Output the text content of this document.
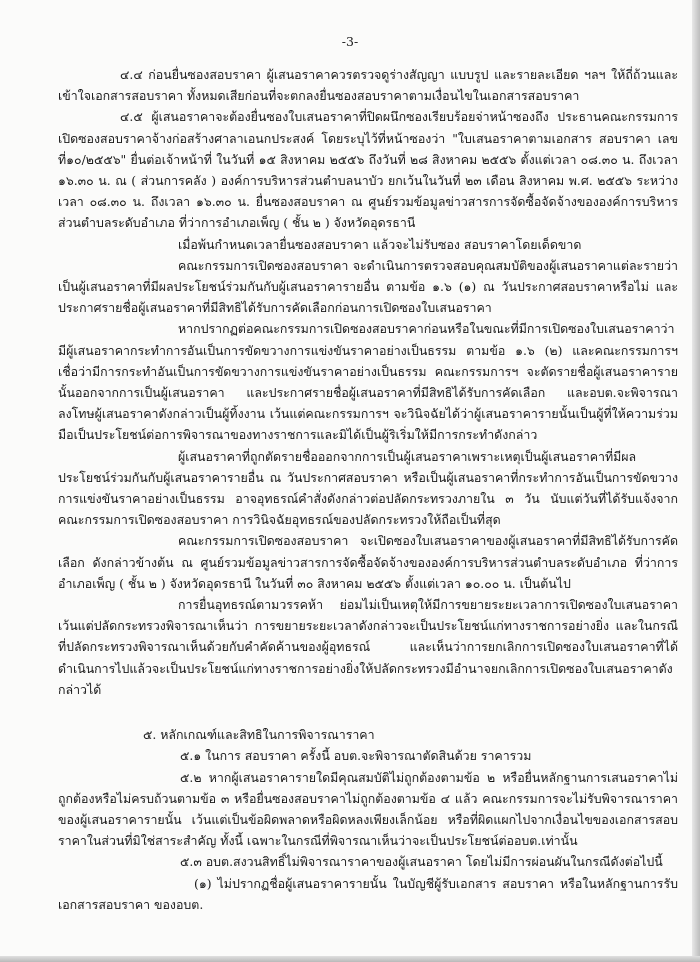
-3-

๔.๔ ก่อนยื่นซองสอบราคา ผู้เสนอราคาควรตรวจดูร่างสัญญา แบบรูป และรายละเอียด ฯลฯ ให้ถี่ถ้วนและ เข้าใจเอกสารสอบราคา ทั้งหมดเสียก่อนที่จะตกลงยื่นซองสอบราคาตามเงื่อนไขในเอกสารสอบราคา

๔.๕ ผู้เสนอราคาจะต้องยื่นซองใบเสนอราคาที่ปิดผนึกซองเรียบร้อยจ่าหน้าซองถึง ประธานคณะกรรมการเปิดซองสอบราคาจ้างก่อสร้างศาลาเอนกประสงค์ โดยระบุไว้ที่หน้าซองว่า "ใบเสนอราคาตามเอกสาร สอบราคา เลขที่๑๐/๒๕๕๖" ยื่นต่อเจ้าหน้าที่ ในวันที่ ๑๕ สิงหาคม ๒๕๕๖ ถึงวันที่ ๒๘ สิงหาคม ๒๕๕๖ ตั้งแต่เวลา ๐๘.๓๐ น. ถึงเวลา ๑๖.๓๐ น. ณ ( ส่วนการคลัง ) องค์การบริหารส่วนตำบลนาบัว ยกเว้นในวันที่ ๒๓ เดือน สิงหาคม พ.ศ. ๒๕๕๖ ระหว่างเวลา ๐๘.๓๐ น. ถึงเวลา ๑๖.๓๐ น. ยื่นซองสอบราคา ณ ศูนย์รวมข้อมูลข่าวสารการจัดซื้อจัดจ้างขององค์การบริหารส่วนตำบลระดับอำเภอ ที่ว่าการอำเภอเพ็ญ ( ชั้น ๒ ) จังหวัดอุดรธานี

เมื่อพ้นกำหนดเวลายื่นซองสอบราคา แล้วจะไม่รับซอง สอบราคาโดยเด็ดขาด

คณะกรรมการเปิดซองสอบราคา จะดำเนินการตรวจสอบคุณสมบัติของผู้เสนอราคาแต่ละรายว่า เป็นผู้เสนอราคาที่มีผลประโยชน์ร่วมกันกับผู้เสนอราคารายอื่น ตามข้อ ๑.๖ (๑) ณ วันประกาศสอบราคาหรือไม่ และประกาศรายชื่อผู้เสนอราคาที่มีสิทธิได้รับการคัดเลือกก่อนการเปิดซองใบเสนอราคา

หากปรากฏต่อคณะกรรมการเปิดซองสอบราคาก่อนหรือในขณะที่มีการเปิดซองใบเสนอราคาว่า มีผู้เสนอราคากระทำการอันเป็นการขัดขวางการแข่งขันราคาอย่างเป็นธรรม ตามข้อ ๑.๖ (๒) และคณะกรรมการฯ เชื่อว่ามีการกระทำอันเป็นการขัดขวางการแข่งขันราคาอย่างเป็นธรรม คณะกรรมการฯ จะตัดรายชื่อผู้เสนอราคารายนั้นออกจากการเป็นผู้เสนอราคา และประกาศรายชื่อผู้เสนอราคาที่มีสิทธิได้รับการคัดเลือก และอบต.จะพิจารณาลงโทษผู้เสนอราคาดังกล่าวเป็นผู้ทิ้งงาน เว้นแต่คณะกรรมการฯ จะวินิจฉัยได้ว่าผู้เสนอราคารายนั้นเป็นผู้ที่ให้ความร่วมมือเป็นประโยชน์ต่อการพิจารณาของทางราชการและมิได้เป็นผู้ริเริ่มให้มีการกระทำดังกล่าว

ผู้เสนอราคาที่ถูกตัดรายชื่อออกจากการเป็นผู้เสนอราคาเพราะเหตุเป็นผู้เสนอราคาที่มีผลประโยชน์ร่วมกันกับผู้เสนอราคารายอื่น ณ วันประกาศสอบราคา หรือเป็นผู้เสนอราคาที่กระทำการอันเป็นการขัดขวางการแข่งขันราคาอย่างเป็นธรรม อาจอุทธรณ์คำสั่งดังกล่าวต่อปลัดกระทรวงภายใน ๓ วัน นับแต่วันที่ได้รับแจ้งจากคณะกรรมการเปิดซองสอบราคา การวินิจฉัยอุทธรณ์ของปลัดกระทรวงให้ถือเป็นที่สุด

คณะกรรมการเปิดซองสอบราคา จะเปิดซองใบเสนอราคาของผู้เสนอราคาที่มีสิทธิได้รับการคัดเลือก ดังกล่าวข้างต้น ณ ศูนย์รวมข้อมูลข่าวสารการจัดซื้อจัดจ้างขององค์การบริหารส่วนตำบลระดับอำเภอ ที่ว่าการอำเภอเพ็ญ ( ชั้น ๒ ) จังหวัดอุดรธานี ในวันที่ ๓๐ สิงหาคม ๒๕๕๖ ตั้งแต่เวลา ๑๐.๐๐ น. เป็นต้นไป

การยื่นอุทธรณ์ตามวรรคห้า ย่อมไม่เป็นเหตุให้มีการขยายระยะเวลาการเปิดซองใบเสนอราคา เว้นแต่ปลัดกระทรวงพิจารณาเห็นว่า การขยายระยะเวลาดังกล่าวจะเป็นประโยชน์แก่ทางราชการอย่างยิ่ง และในกรณีที่ปลัดกระทรวงพิจารณาเห็นด้วยกับคำคัดค้านของผู้อุทธรณ์ และเห็นว่าการยกเลิกการเปิดซองใบเสนอราคาที่ได้ดำเนินการไปแล้วจะเป็นประโยชน์แก่ทางราชการอย่างยิ่งให้ปลัดกระทรวงมีอำนาจยกเลิกการเปิดซองใบเสนอราคาดังกล่าวได้

๕. หลักเกณฑ์และสิทธิในการพิจารณาราคา

๕.๑ ในการ สอบราคา ครั้งนี้ อบต.จะพิจารณาตัดสินด้วย ราคารวม

๕.๒ หากผู้เสนอราคารายใดมีคุณสมบัติไม่ถูกต้องตามข้อ ๒ หรือยื่นหลักฐานการเสนอราคาไม่ถูกต้องหรือไม่ครบถ้วนตามข้อ ๓ หรือยื่นซองสอบราคาไม่ถูกต้องตามข้อ ๔ แล้ว คณะกรรมการจะไม่รับพิจารณาราคาของผู้เสนอราคารายนั้น เว้นแต่เป็นข้อผิดพลาดหรือผิดหลงเพียงเล็กน้อย หรือที่ผิดแผกไปจากเงื่อนไขของเอกสารสอบราคาในส่วนที่มิใช่สาระสำคัญ ทั้งนี้ เฉพาะในกรณีที่พิจารณาเห็นว่าจะเป็นประโยชน์ต่ออบต.เท่านั้น

๕.๓ อบต.สงวนสิทธิ์ไม่พิจารณาราคาของผู้เสนอราคา โดยไม่มีการผ่อนผันในกรณีดังต่อไปนี้

(๑) ไม่ปรากฏชื่อผู้เสนอราคารายนั้น ในบัญชีผู้รับเอกสาร สอบราคา หรือในหลักฐานการรับเอกสารสอบราคา ของอบต.
